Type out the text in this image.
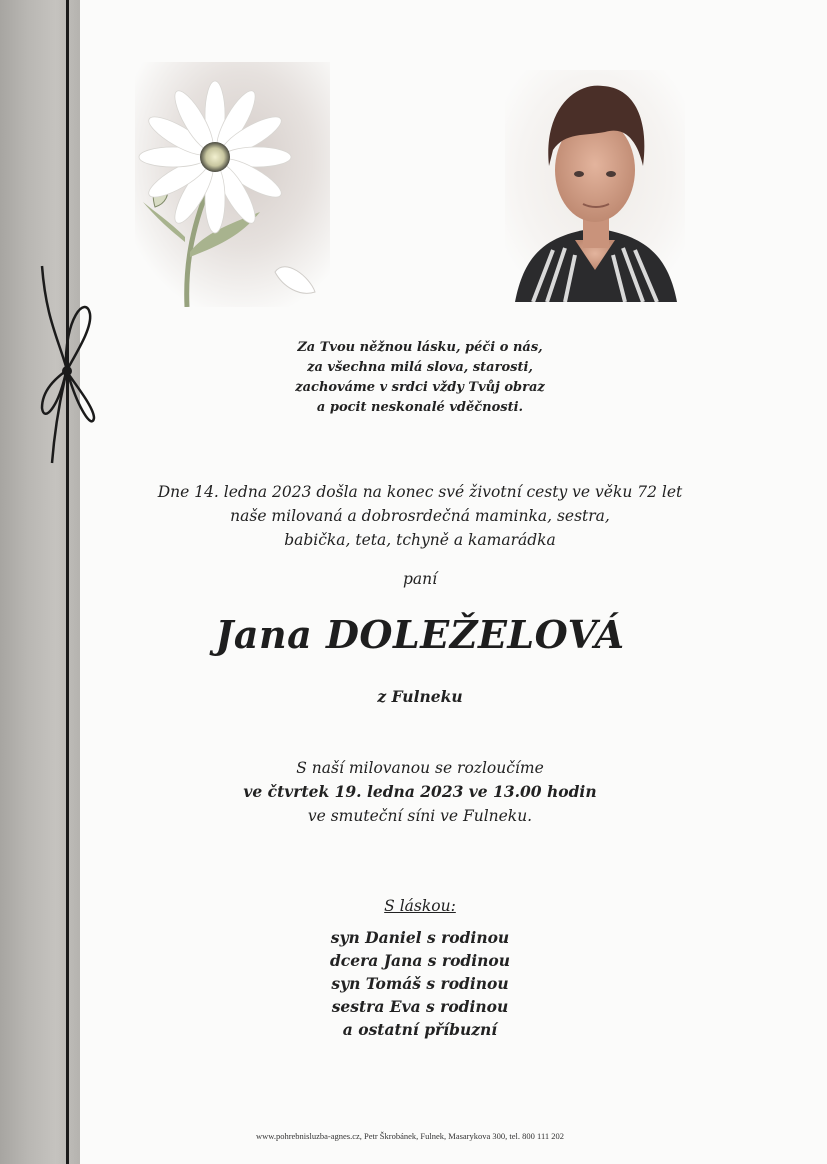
Za Tvou něžnou lásku, péči o nás,
za všechna milá slova, starosti,
zachováme v srdci vždy Tvůj obraz
a pocit neskonalé vděčnosti.
Dne 14. ledna 2023 došla na konec své životní cesty ve věku 72 let
naše milovaná a dobrosrdečná maminka, sestra,
babička, teta, tchyně a kamarádka
paní
Jana DOLEŽELOVÁ
z Fulneku
S naší milovanou se rozloučíme
ve čtvrtek 19. ledna 2023 ve 13.00 hodin
ve smuteční síni ve Fulneku.
S láskou:
syn Daniel s rodinou
dcera Jana s rodinou
syn Tomáš s rodinou
sestra Eva s rodinou
a ostatní příbuzní
www.pohrebnisluzba-agnes.cz, Petr Škrobánek, Fulnek, Masarykova 300, tel. 800 111 202
